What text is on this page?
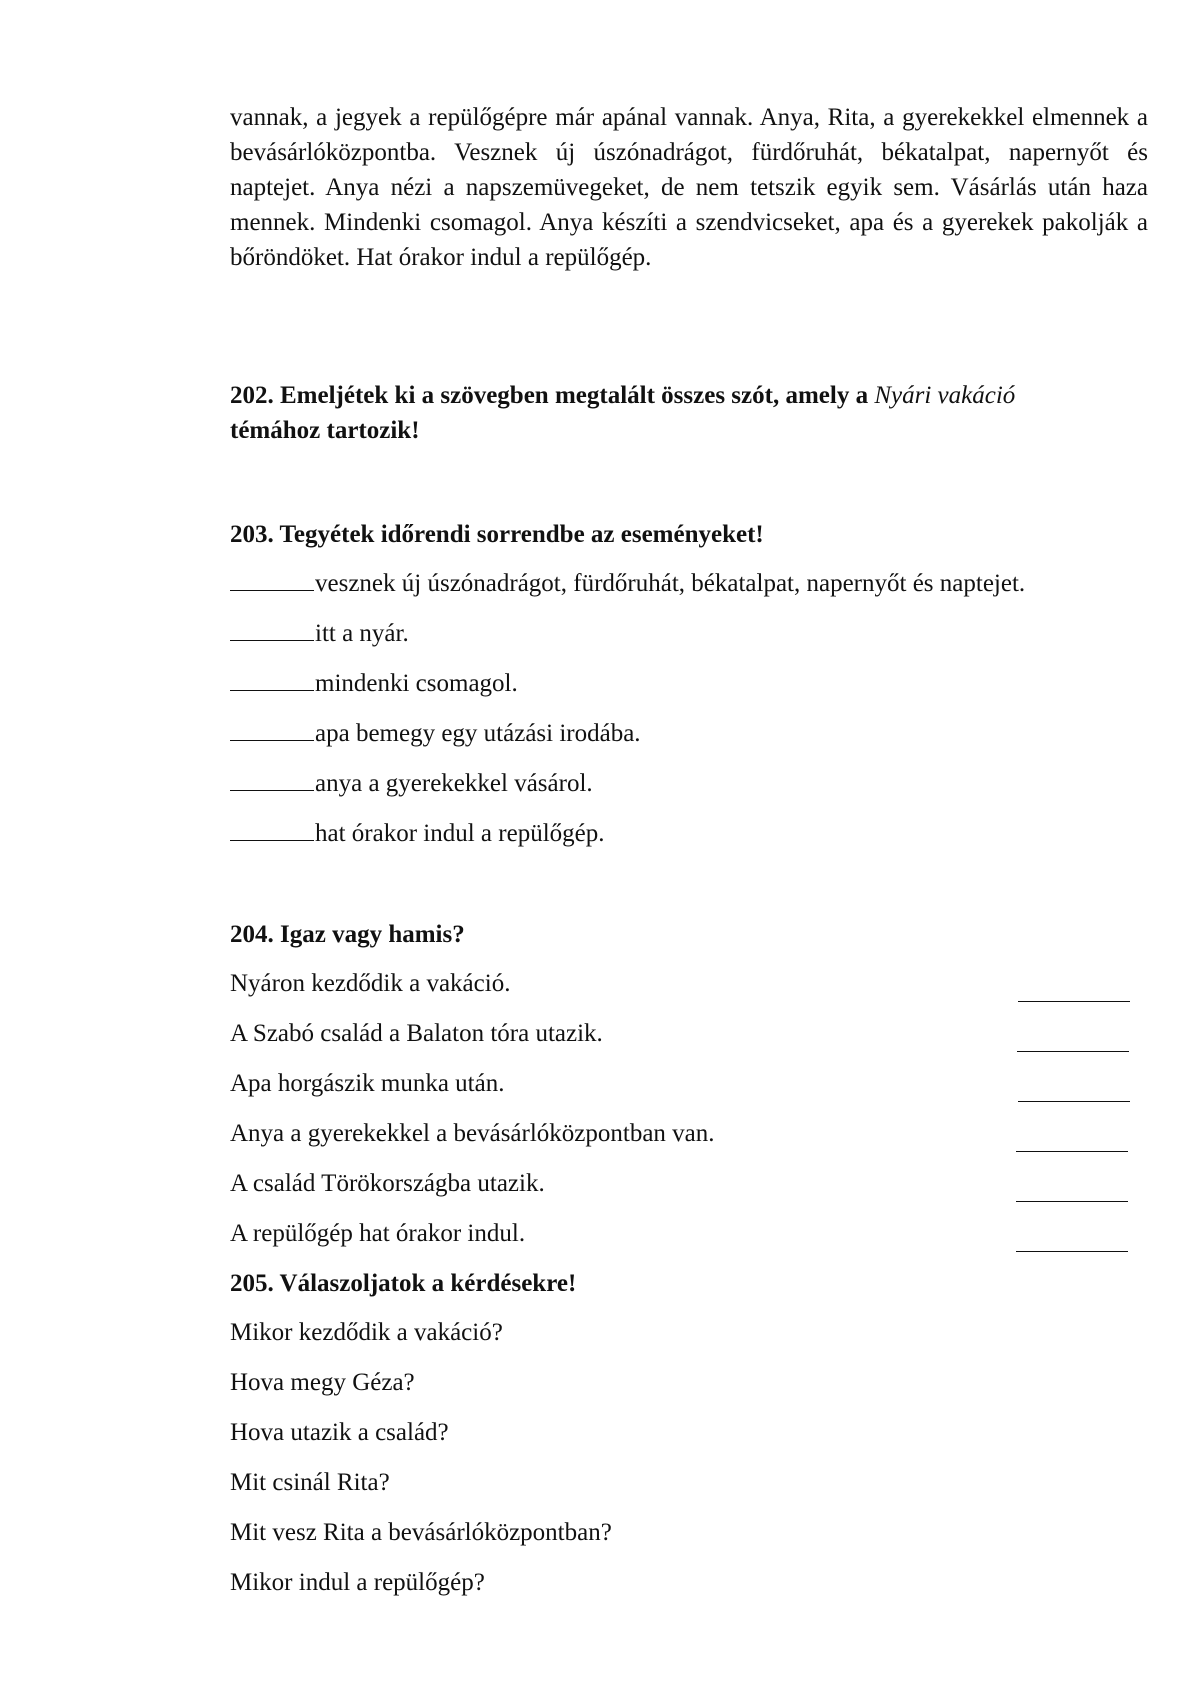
vannak, a jegyek a repülőgépre már apánal vannak. Anya, Rita, a gyerekekkel elmennek a bevásárlóközpontba. Vesznek új úszónadrágot, fürdőruhát, békatalpat, napernyőt és naptejet. Anya nézi a napszemüvegeket, de nem tetszik egyik sem. Vásárlás után haza mennek. Mindenki csomagol. Anya készíti a szendvicseket, apa és a gyerekek pakolják a bőröndöket. Hat órakor indul a repülőgép.

202. Emeljétek ki a szövegben megtalált összes szót, amely a Nyári vakáció
témához tartozik!

203. Tegyétek időrendi sorrendbe az eseményeket!

vesznek új úszónadrágot, fürdőruhát, békatalpat, napernyőt és naptejet.
itt a nyár.
mindenki csomagol.
apa bemegy egy utázási irodába.
anya a gyerekekkel vásárol.
hat órakor indul a repülőgép.

204. Igaz vagy hamis?

Nyáron kezdődik a vakáció.
A Szabó család a Balaton tóra utazik.
Apa horgászik munka után.
Anya a gyerekekkel a bevásárlóközpontban van.
A család Törökországba utazik.
A repülőgép hat órakor indul.

205. Válaszoljatok a kérdésekre!

Mikor kezdődik a vakáció?
Hova megy Géza?
Hova utazik a család?
Mit csinál Rita?
Mit vesz Rita a bevásárlóközpontban?
Mikor indul a repülőgép?
